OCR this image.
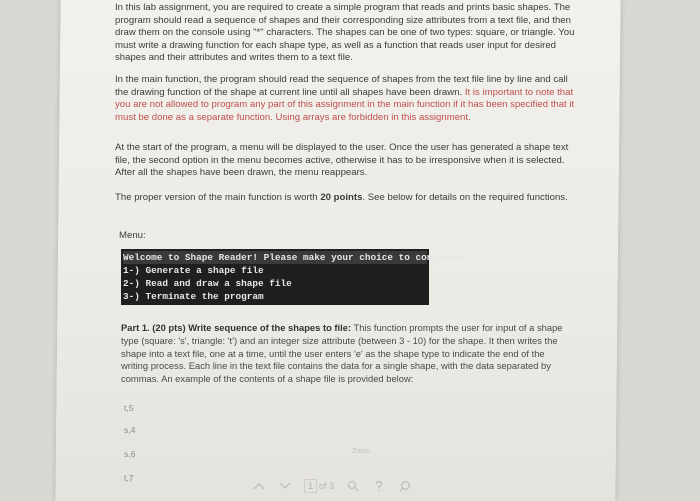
In this lab assignment, you are required to create a simple program that reads and prints basic shapes. The program should read a sequence of shapes and their corresponding size attributes from a text file, and then draw them on the console using "*" characters. The shapes can be one of two types: square, or triangle. You must write a drawing function for each shape type, as well as a function that reads user input for desired shapes and their attributes and writes them to a text file.

In the main function, the program should read the sequence of shapes from the text file line by line and call the drawing function of the shape at current line until all shapes have been drawn. It is important to note that you are not allowed to program any part of this assignment in the main function if it has been specified that it must be done as a separate function. Using arrays are forbidden in this assignment.

At the start of the program, a menu will be displayed to the user. Once the user has generated a shape text file, the second option in the menu becomes active, otherwise it has to be irresponsive when it is selected. After all the shapes have been drawn, the menu reappears.

The proper version of the main function is worth 20 points. See below for details on the required functions.

Menu:

Welcome to Shape Reader! Please make your choice to continue:
1-) Generate a shape file
2-) Read and draw a shape file
3-) Terminate the program
Part 1. (20 pts) Write sequence of the shapes to file: This function prompts the user for input of a shape type (square: 's', triangle: 't') and an integer size attribute (between 3 - 10) for the shape. It then writes the shape into a text file, one at a time, until the user enters 'e' as the shape type to indicate the end of the writing process. Each line in the text file contains the data for a single shape, with the data separated by commas. An example of the contents of a shape file is provided below:
t,5
s,4
s,6
t,7
Zoom
1 of 3
